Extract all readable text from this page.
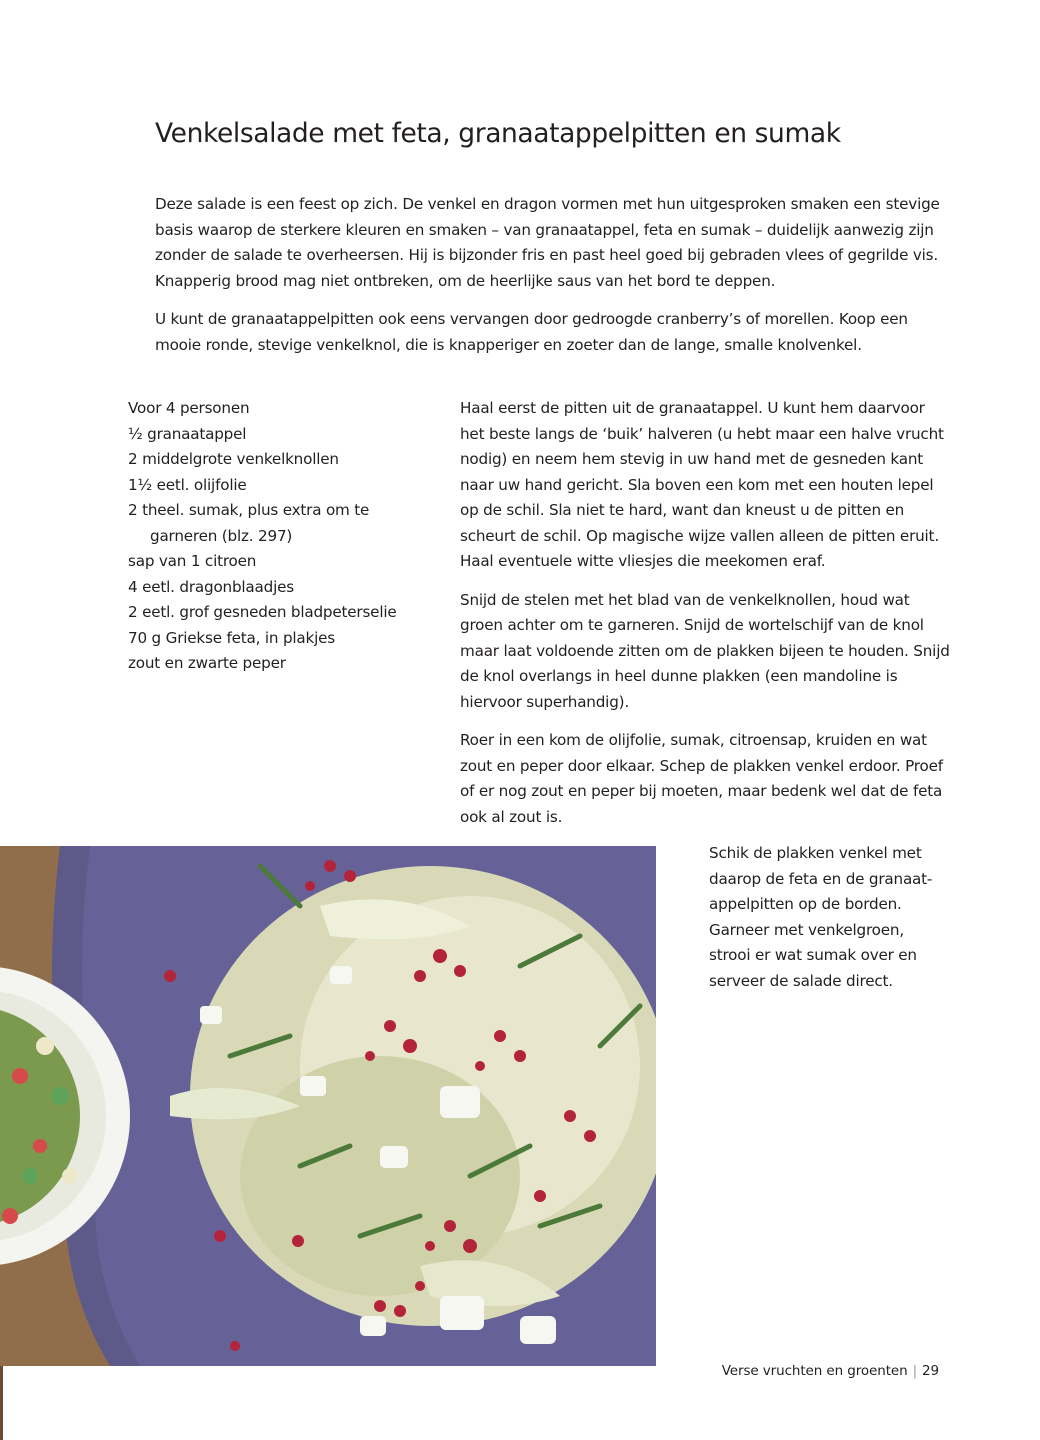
Venkelsalade met feta, granaatappelpitten en sumak

Deze salade is een feest op zich. De venkel en dragon vormen met hun uitgesproken smaken een stevige basis waarop de sterkere kleuren en smaken – van granaatappel, feta en sumak – duidelijk aanwezig zijn zonder de salade te overheersen. Hij is bijzonder fris en past heel goed bij gebraden vlees of gegrilde vis. Knapperig brood mag niet ontbreken, om de heerlijke saus van het bord te deppen.

U kunt de granaatappelpitten ook eens vervangen door gedroogde cranberry’s of morellen. Koop een mooie ronde, stevige venkelknol, die is knapperiger en zoeter dan de lange, smalle knolvenkel.

Voor 4 personen
½ granaatappel
2 middelgrote venkelknollen
1½ eetl. olijfolie
2 theel. sumak, plus extra om te garneren (blz. 297)
sap van 1 citroen
4 eetl. dragonblaadjes
2 eetl. grof gesneden bladpeterselie
70 g Griekse feta, in plakjes
zout en zwarte peper

Haal eerst de pitten uit de granaatappel. U kunt hem daarvoor het beste langs de ‘buik’ halveren (u hebt maar een halve vrucht nodig) en neem hem stevig in uw hand met de gesneden kant naar uw hand gericht. Sla boven een kom met een houten lepel op de schil. Sla niet te hard, want dan kneust u de pitten en scheurt de schil. Op magische wijze vallen alleen de pitten eruit. Haal eventuele witte vliesjes die meekomen eraf.

Snijd de stelen met het blad van de venkelknollen, houd wat groen achter om te garneren. Snijd de wortelschijf van de knol maar laat voldoende zitten om de plakken bijeen te houden. Snijd de knol overlangs in heel dunne plakken (een mandoline is hiervoor superhandig).

Roer in een kom de olijfolie, sumak, citroensap, kruiden en wat zout en peper door elkaar. Schep de plakken venkel erdoor. Proef of er nog zout en peper bij moeten, maar bedenk wel dat de feta ook al zout is.

Schik de plakken venkel met daarop de feta en de granaatappelpitten op de borden. Garneer met venkelgroen, strooi er wat sumak over en serveer de salade direct.

Verse vruchten en groenten | 29
